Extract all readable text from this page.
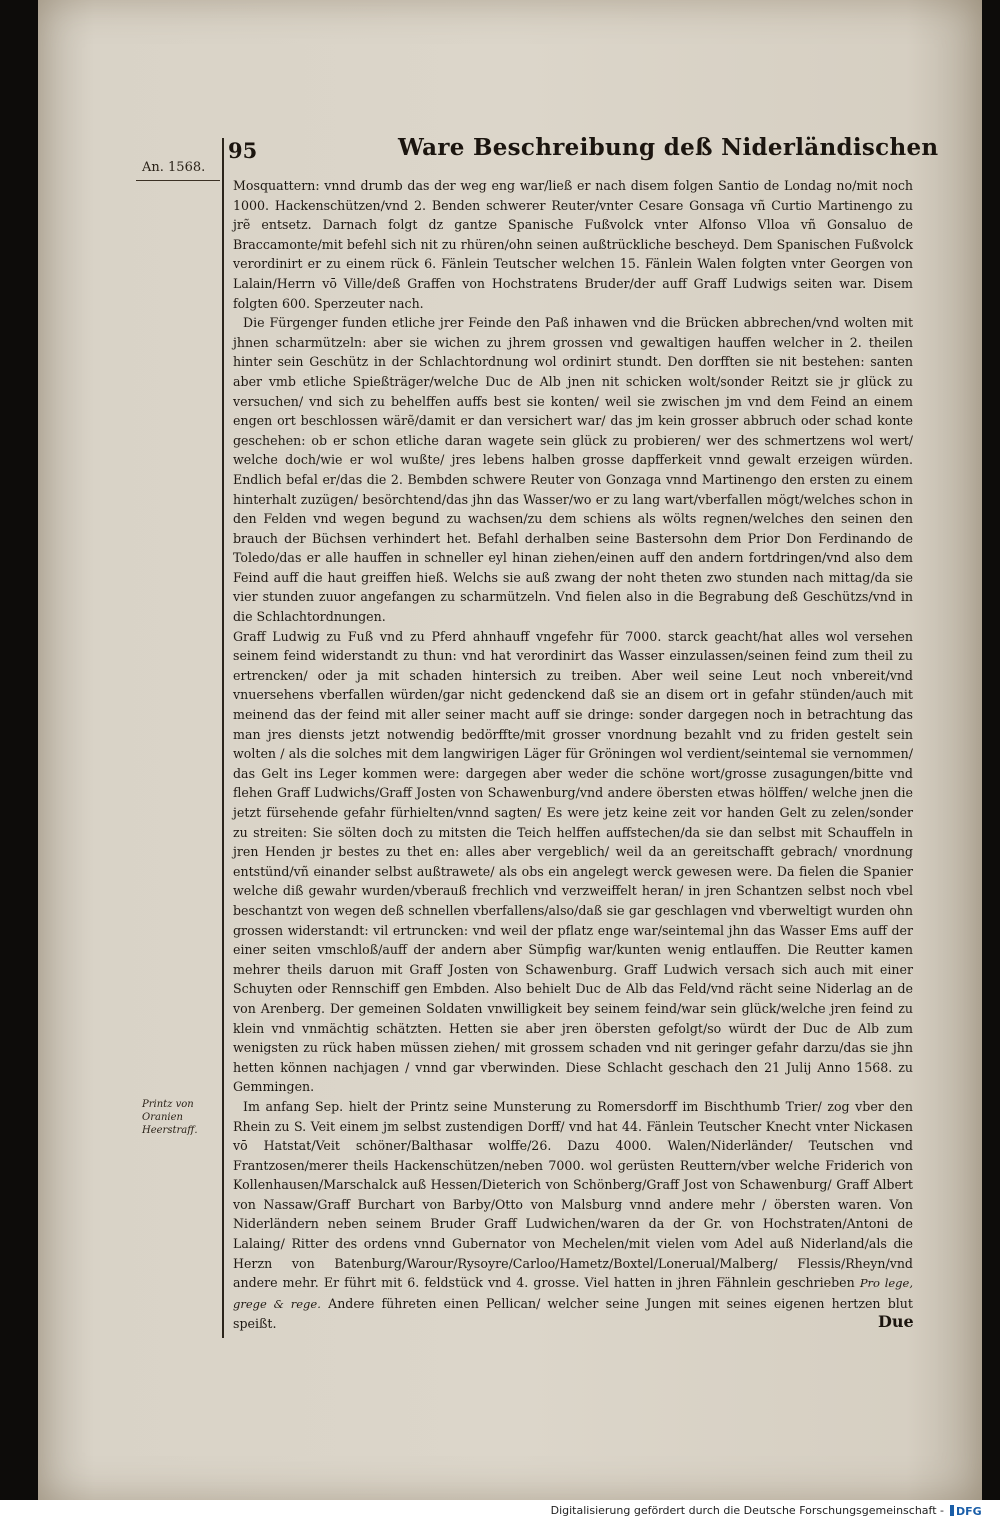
An. 1568.
95	Ware Beschreibung deß Niderländischen

Mosquattern: vnnd drumb das der weg eng war/ließ er nach disem folgen Santio de Londag no/mit noch 1000. Hackenschützen/vnd 2. Benden schwerer Reuter/vnter Cesare Gonsaga vñ Curtio Martinengo zu jrẽ entsetz. Darnach folgt dz gantze Spanische Fußvolck vnter Alfonso Vlloa vñ Gonsaluo de Braccamonte/mit befehl sich nit zu rhüren/ohn seinen außtrückliche bescheyd. Dem Spanischen Fußvolck verordinirt er zu einem rück 6. Fänlein Teutscher welchen 15. Fänlein Walen folgten vnter Georgen von Lalain/Herrn vō Ville/deß Graffen von Hochstratens Bruder/der auff Graff Ludwigs seiten war. Disem folgten 600. Sperzeuter nach.

Die Fürgenger funden etliche jrer Feinde den Paß inhawen vnd die Brücken abbrechen/vnd wolten mit jhnen scharmützeln: aber sie wichen zu jhrem grossen vnd gewaltigen hauffen welcher in 2. theilen hinter sein Geschütz in der Schlachtordnung wol ordinirt stundt. Den dorfften sie nit bestehen: santen aber vmb etliche Spießträger/welche Duc de Alb jnen nit schicken wolt/sonder Reitzt sie jr glück zu versuchen/ vnd sich zu behelffen auffs best sie konten/ weil sie zwischen jm vnd dem Feind an einem engen ort beschlossen wärẽ/damit er dan versichert war/ das jm kein grosser abbruch oder schad konte geschehen: ob er schon etliche daran wagete sein glück zu probieren/ wer des schmertzens wol wert/ welche doch/wie er wol wußte/ jres lebens halben grosse dapfferkeit vnnd gewalt erzeigen würden. Endlich befal er/das die 2. Bembden schwere Reuter von Gonzaga vnnd Martinengo den ersten zu einem hinterhalt zuzügen/ besörchtend/das jhn das Wasser/wo er zu lang wart/vberfallen mögt/welches schon in den Felden vnd wegen begund zu wachsen/zu dem schiens als wölts regnen/welches den seinen den brauch der Büchsen verhindert het. Befahl derhalben seine Bastersohn dem Prior Don Ferdinando de Toledo/das er alle hauffen in schneller eyl hinan ziehen/einen auff den andern fortdringen/vnd also dem Feind auff die haut greiffen hieß. Welchs sie auß zwang der noht theten zwo stunden nach mittag/da sie vier stunden zuuor angefangen zu scharmützeln. Vnd fielen also in die Begrabung deß Geschützs/vnd in die Schlachtordnungen.

Graff Ludwig zu Fuß vnd zu Pferd ahnhauff vngefehr für 7000. starck geacht/hat alles wol versehen seinem feind widerstandt zu thun: vnd hat verordinirt das Wasser einzulassen/seinen feind zum theil zu ertrencken/ oder ja mit schaden hintersich zu treiben. Aber weil seine Leut noch vnbereit/vnd vnuersehens vberfallen würden/gar nicht gedenckend daß sie an disem ort in gefahr stünden/auch mit meinend das der feind mit aller seiner macht auff sie dringe: sonder dargegen noch in betrachtung das man jres diensts jetzt notwendig bedörffte/mit grosser vnordnung bezahlt vnd zu friden gestelt sein wolten / als die solches mit dem langwirigen Läger für Gröningen wol verdient/seintemal sie vernommen/ das Gelt ins Leger kommen were: dargegen aber weder die schöne wort/grosse zusagungen/bitte vnd flehen Graff Ludwichs/Graff Josten von Schawenburg/vnd andere öbersten etwas hölffen/ welche jnen die jetzt fürsehende gefahr fürhielten/vnnd sagten/ Es were jetz keine zeit vor handen Gelt zu zelen/sonder zu streiten: Sie sölten doch zu mitsten die Teich helffen auffstechen/da sie dan selbst mit Schauffeln in jren Henden jr bestes zu thet en: alles aber vergeblich/ weil da an gereitschafft gebrach/ vnordnung entstünd/vñ einander selbst außtrawete/ als obs ein angelegt werck gewesen were. Da fielen die Spanier welche diß gewahr wurden/vberauß frechlich vnd verzweiffelt heran/ in jren Schantzen selbst noch vbel beschantzt von wegen deß schnellen vberfallens/also/daß sie gar geschlagen vnd vberweltigt wurden ohn grossen widerstandt: vil ertruncken: vnd weil der pflatz enge war/seintemal jhn das Wasser Ems auff der einer seiten vmschloß/auff der andern aber Sümpfig war/kunten wenig entlauffen. Die Reutter kamen mehrer theils daruon mit Graff Josten von Schawenburg. Graff Ludwich versach sich auch mit einer Schuyten oder Rennschiff gen Embden. Also behielt Duc de Alb das Feld/vnd rächt seine Niderlag an de von Arenberg. Der gemeinen Soldaten vnwilligkeit bey seinem feind/war sein glück/welche jren feind zu klein vnd vnmächtig schätzten. Hetten sie aber jren öbersten gefolgt/so würdt der Duc de Alb zum wenigsten zu rück haben müssen ziehen/ mit grossem schaden vnd nit geringer gefahr darzu/das sie jhn hetten können nachjagen / vnnd gar vberwinden. Diese Schlacht geschach den 21 Julij Anno 1568. zu Gemmingen.

Im anfang Sep. hielt der Printz seine Munsterung zu Romersdorff im Bischthumb Trier/ zog vber den Rhein zu S. Veit einem jm selbst zustendigen Dorff/ vnd hat 44. Fänlein Teutscher Knecht vnter Nickasen vō Hatstat/Veit schöner/Balthasar wolffe/26. Dazu 4000. Walen/Niderländer/ Teutschen vnd Frantzosen/merer theils Hackenschützen/neben 7000. wol gerüsten Reuttern/vber welche Friderich von Kollenhausen/Marschalck auß Hessen/Dieterich von Schönberg/Graff Jost von Schawenburg/ Graff Albert von Nassaw/Graff Burchart von Barby/Otto von Malsburg vnnd andere mehr / öbersten waren. Von Niderländern neben seinem Bruder Graff Ludwichen/waren da der Gr. von Hochstraten/Antoni de Lalaing/ Ritter des ordens vnnd Gubernator von Mechelen/mit vielen vom Adel auß Niderland/als die Herzn von Batenburg/Warour/Rysoyre/Carloo/Hametz/Boxtel/Lonerual/Malberg/ Flessis/Rheyn/vnd andere mehr. Er führt mit 6. feldstück vnd 4. grosse. Viel hatten in jhren Fähnlein geschrieben Pro lege, grege & rege. Andere führeten einen Pellican/ welcher seine Jungen mit seines eigenen hertzen blut speißt.

Printz von Oranien Heerstraff.
Due
Digitalisierung gefördert durch die Deutsche Forschungsgemeinschaft - DFG
